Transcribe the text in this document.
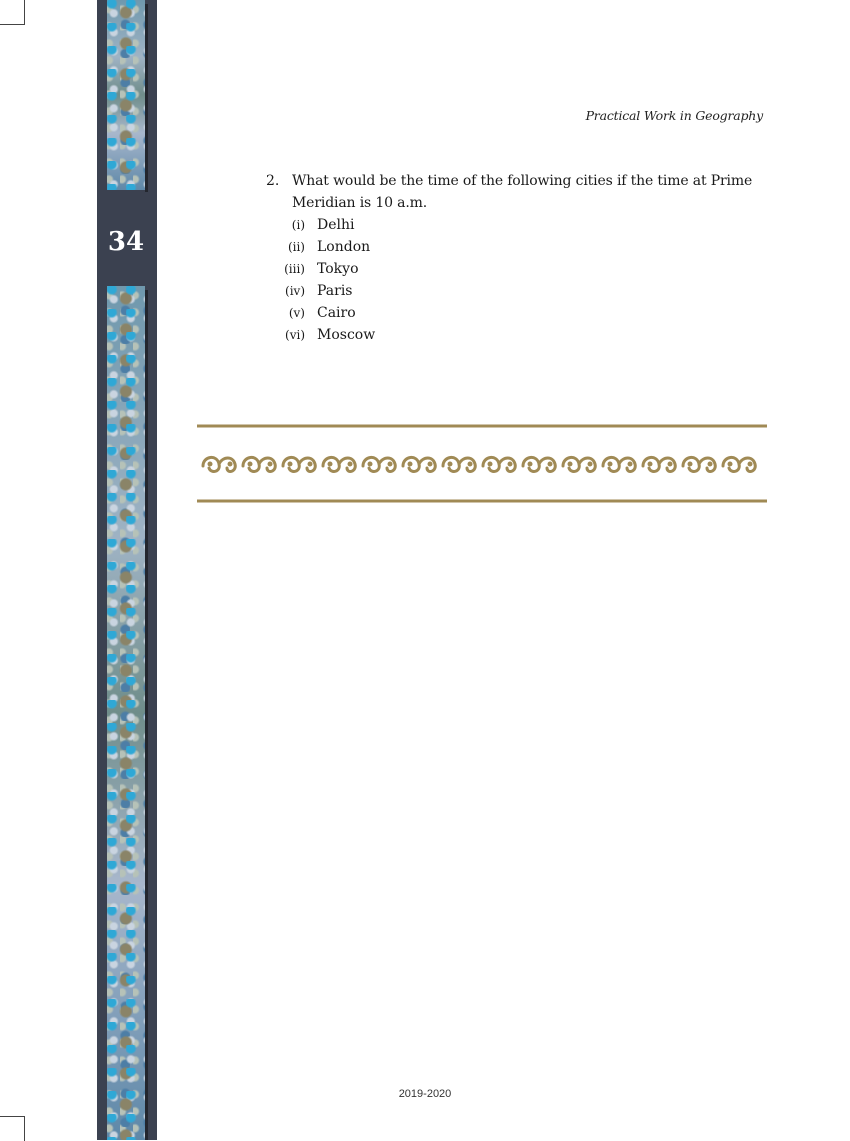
34
Practical Work in Geography
2. What would be the time of the following cities if the time at Prime
Meridian is 10 a.m.
(i) Delhi
(ii) London
(iii) Tokyo
(iv) Paris
(v) Cairo
(vi) Moscow
2019-2020
